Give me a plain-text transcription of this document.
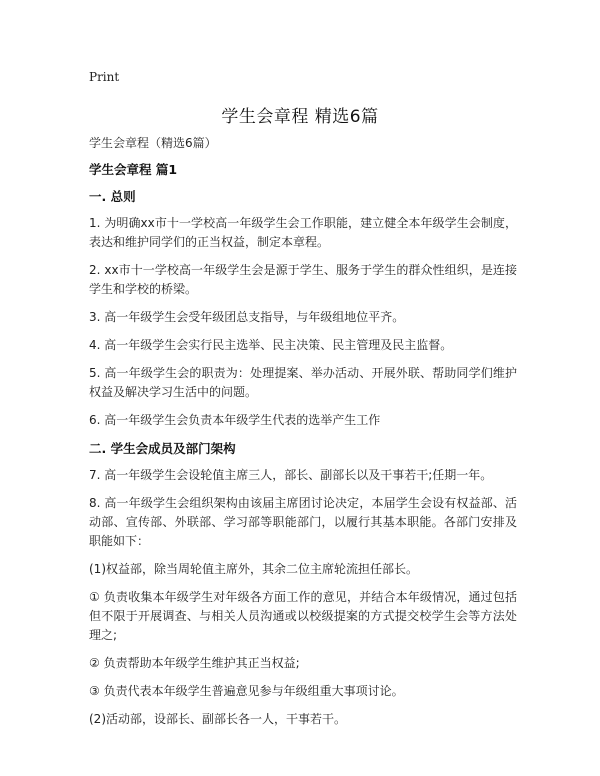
Print
学生会章程 精选6篇

学生会章程（精选6篇）

学生会章程 篇1

一. 总则

1. 为明确xx市十一学校高一年级学生会工作职能，建立健全本年级学生会制度，表达和维护同学们的正当权益，制定本章程。

2. xx市十一学校高一年级学生会是源于学生、服务于学生的群众性组织，是连接学生和学校的桥梁。

3. 高一年级学生会受年级团总支指导，与年级组地位平齐。

4. 高一年级学生会实行民主选举、民主决策、民主管理及民主监督。

5. 高一年级学生会的职责为：处理提案、举办活动、开展外联、帮助同学们维护权益及解决学习生活中的问题。

6. 高一年级学生会负责本年级学生代表的选举产生工作

二. 学生会成员及部门架构

7. 高一年级学生会设轮值主席三人，部长、副部长以及干事若干;任期一年。

8. 高一年级学生会组织架构由该届主席团讨论决定，本届学生会设有权益部、活动部、宣传部、外联部、学习部等职能部门，以履行其基本职能。各部门安排及职能如下：

(1)权益部，除当周轮值主席外，其余二位主席轮流担任部长。

① 负责收集本年级学生对年级各方面工作的意见，并结合本年级情况，通过包括但不限于开展调查、与相关人员沟通或以校级提案的方式提交校学生会等方法处理之;

② 负责帮助本年级学生维护其正当权益;

③ 负责代表本年级学生普遍意见参与年级组重大事项讨论。

(2)活动部，设部长、副部长各一人，干事若干。
